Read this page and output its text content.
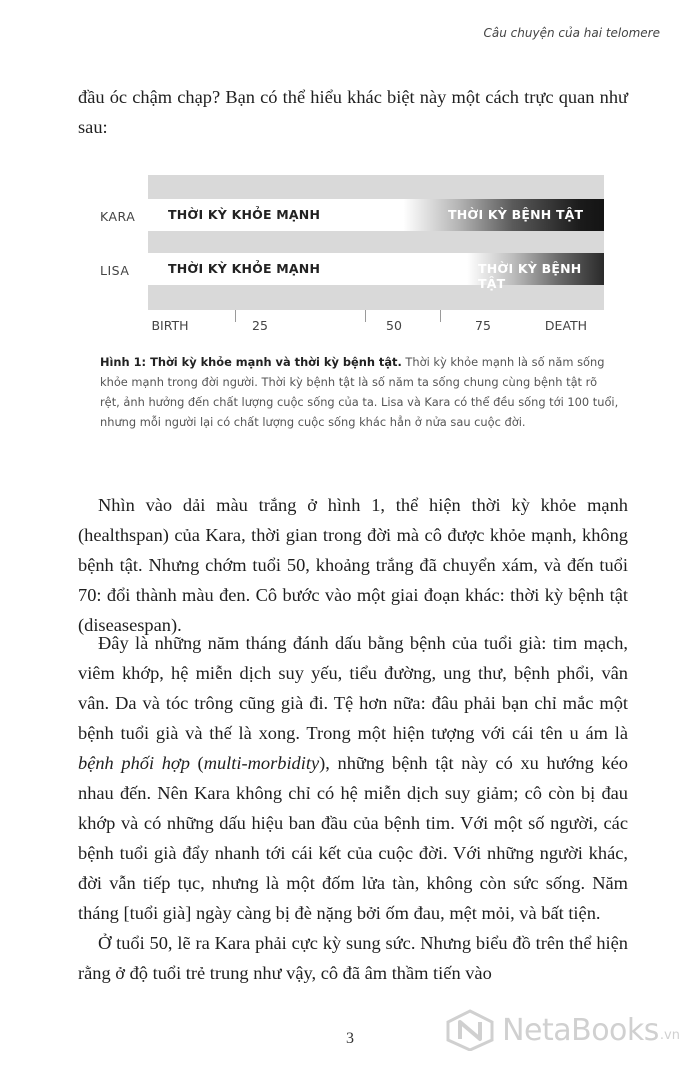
Câu chuyện của hai telomere

đầu óc chậm chạp? Bạn có thể hiểu khác biệt này một cách trực quan như sau:

KARA	THỜI KỲ KHỎE MẠNH	THỜI KỲ BỆNH TẬT
LISA	THỜI KỲ KHỎE MẠNH	THỜI KỲ BỆNH TẬT
BIRTH	25	50	75	DEATH

Hình 1: Thời kỳ khỏe mạnh và thời kỳ bệnh tật. Thời kỳ khỏe mạnh là số năm sống khỏe mạnh trong đời người. Thời kỳ bệnh tật là số năm ta sống chung cùng bệnh tật rõ rệt, ảnh hưởng đến chất lượng cuộc sống của ta. Lisa và Kara có thể đều sống tới 100 tuổi, nhưng mỗi người lại có chất lượng cuộc sống khác hẳn ở nửa sau cuộc đời.

Nhìn vào dải màu trắng ở hình 1, thể hiện thời kỳ khỏe mạnh (healthspan) của Kara, thời gian trong đời mà cô được khỏe mạnh, không bệnh tật. Nhưng chớm tuổi 50, khoảng trắng đã chuyển xám, và đến tuổi 70: đổi thành màu đen. Cô bước vào một giai đoạn khác: thời kỳ bệnh tật (diseasespan).

Đây là những năm tháng đánh dấu bằng bệnh của tuổi già: tim mạch, viêm khớp, hệ miễn dịch suy yếu, tiểu đường, ung thư, bệnh phổi, vân vân. Da và tóc trông cũng già đi. Tệ hơn nữa: đâu phải bạn chỉ mắc một bệnh tuổi già và thế là xong. Trong một hiện tượng với cái tên u ám là bệnh phối hợp (multi-morbidity), những bệnh tật này có xu hướng kéo nhau đến. Nên Kara không chỉ có hệ miễn dịch suy giảm; cô còn bị đau khớp và có những dấu hiệu ban đầu của bệnh tim. Với một số người, các bệnh tuổi già đẩy nhanh tới cái kết của cuộc đời. Với những người khác, đời vẫn tiếp tục, nhưng là một đốm lửa tàn, không còn sức sống. Năm tháng [tuổi già] ngày càng bị đè nặng bởi ốm đau, mệt mỏi, và bất tiện.

Ở tuổi 50, lẽ ra Kara phải cực kỳ sung sức. Nhưng biểu đồ trên thể hiện rằng ở độ tuổi trẻ trung như vậy, cô đã âm thầm tiến vào

3	NetaBooks .vn
